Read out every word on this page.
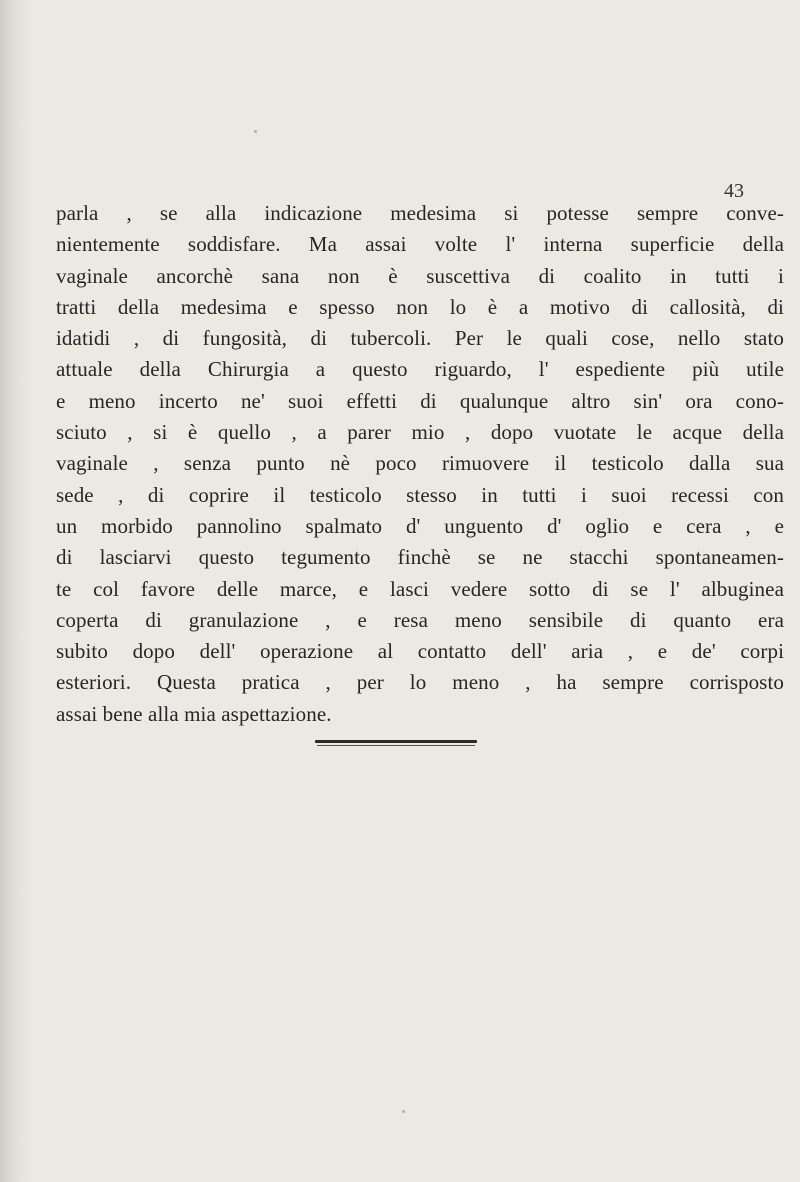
43
parla , se alla indicazione medesima si potesse sempre conve-
nientemente soddisfare. Ma assai volte l' interna superficie della
vaginale ancorchè sana non è suscettiva di coalito in tutti i
tratti della medesima e spesso non lo è a motivo di callosità, di
idatidi , di fungosità, di tubercoli. Per le quali cose, nello stato
attuale della Chirurgia a questo riguardo, l' espediente più utile
e meno incerto ne' suoi effetti di qualunque altro sin' ora cono-
sciuto , si è quello , a parer mio , dopo vuotate le acque della
vaginale , senza punto nè poco rimuovere il testicolo dalla sua
sede , di coprire il testicolo stesso in tutti i suoi recessi con
un morbido pannolino spalmato d' unguento d' oglio e cera , e
di lasciarvi questo tegumento finchè se ne stacchi spontaneamen-
te col favore delle marce, e lasci vedere sotto di se l' albuginea
coperta di granulazione , e resa meno sensibile di quanto era
subito dopo dell' operazione al contatto dell' aria , e de' corpi
esteriori. Questa pratica , per lo meno , ha sempre corrisposto
assai bene alla mia aspettazione.
